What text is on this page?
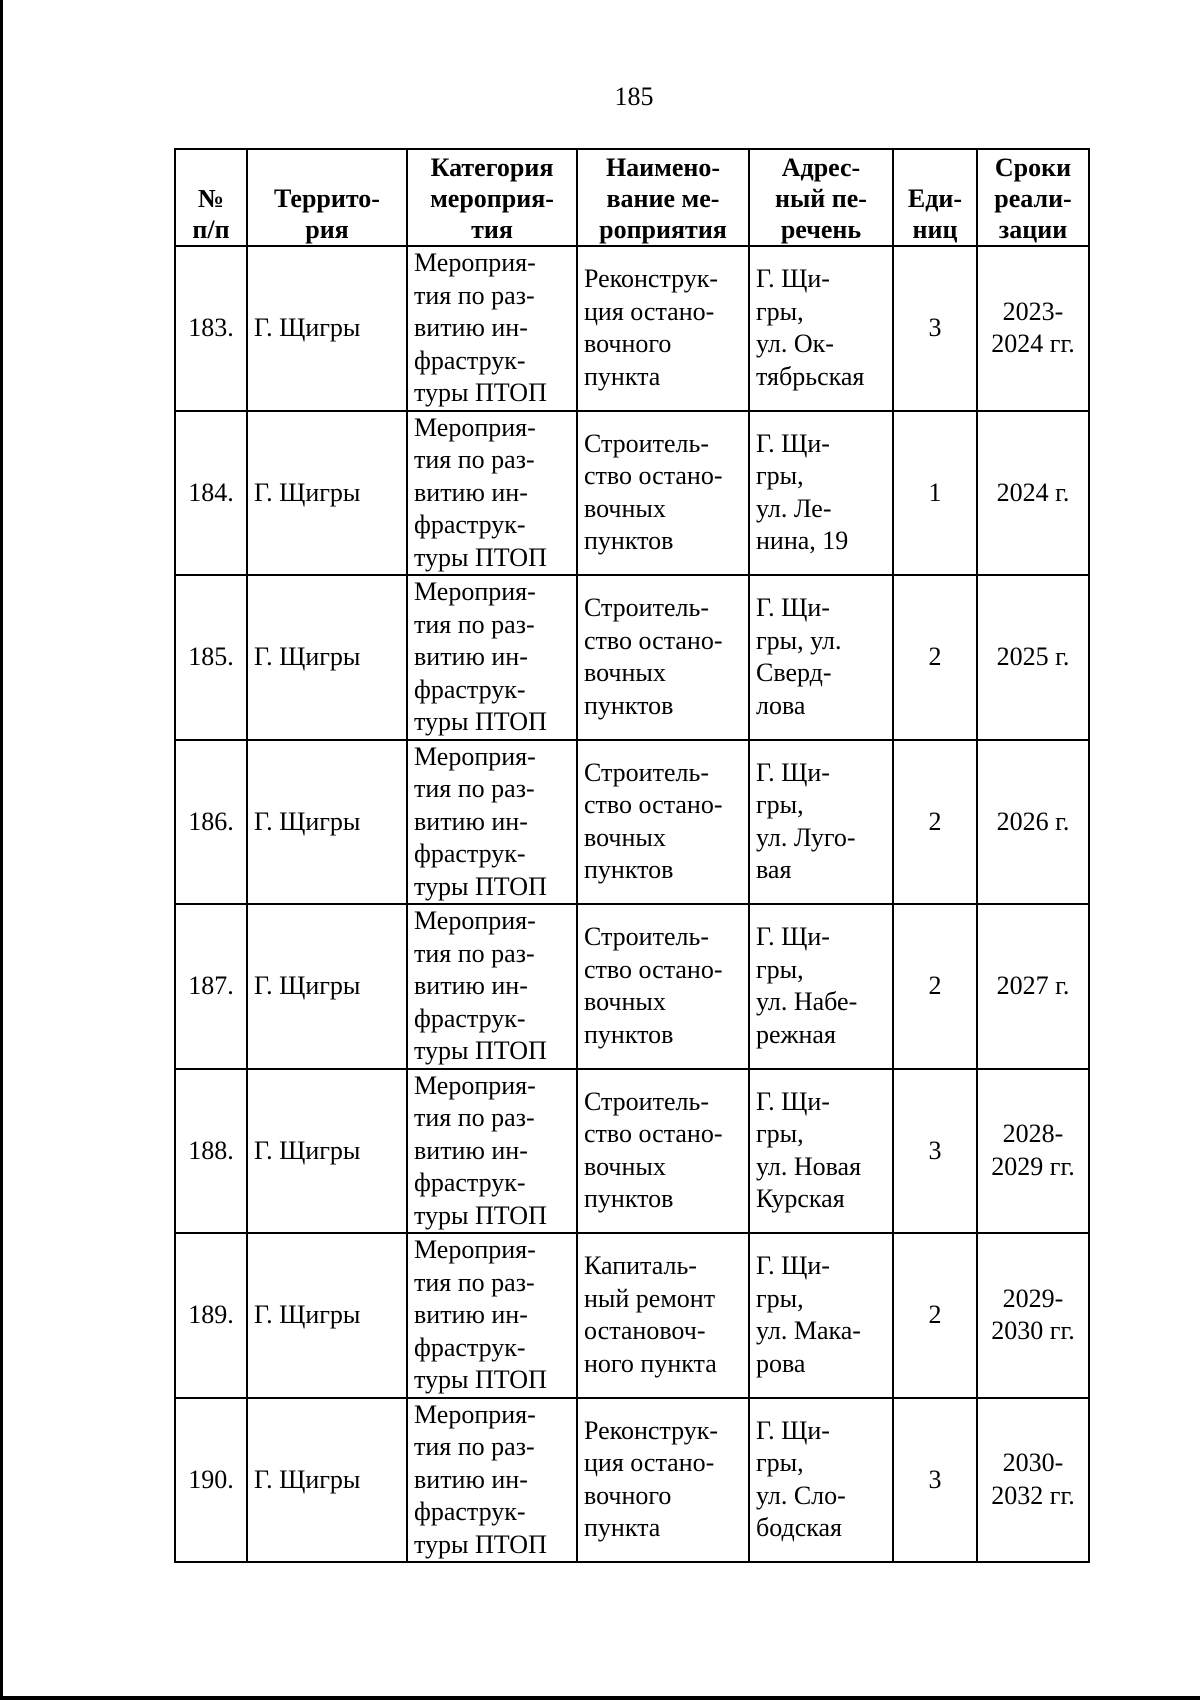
185
№
п/п	Террито-
рия	Категория
мероприя-
тия	Наимено-
вание ме-
роприятия	Адрес-
ный пе-
речень	Еди-
ниц	Сроки
реали-
зации

183.	Г. Щигры	Мероприя-
тия по раз-
витию ин-
фраструк-
туры ПТОП	Реконструк-
ция остано-
вочного
пункта	Г. Щи-
гры,
ул. Ок-
тябрьская	3	2023-
2024 гг.

184.	Г. Щигры	Мероприя-
тия по раз-
витию ин-
фраструк-
туры ПТОП	Строитель-
ство остано-
вочных
пунктов	Г. Щи-
гры,
ул. Ле-
нина, 19	1	2024 г.

185.	Г. Щигры	Мероприя-
тия по раз-
витию ин-
фраструк-
туры ПТОП	Строитель-
ство остано-
вочных
пунктов	Г. Щи-
гры, ул.
Сверд-
лова	2	2025 г.

186.	Г. Щигры	Мероприя-
тия по раз-
витию ин-
фраструк-
туры ПТОП	Строитель-
ство остано-
вочных
пунктов	Г. Щи-
гры,
ул. Луго-
вая	2	2026 г.

187.	Г. Щигры	Мероприя-
тия по раз-
витию ин-
фраструк-
туры ПТОП	Строитель-
ство остано-
вочных
пунктов	Г. Щи-
гры,
ул. Набе-
режная	2	2027 г.

188.	Г. Щигры	Мероприя-
тия по раз-
витию ин-
фраструк-
туры ПТОП	Строитель-
ство остано-
вочных
пунктов	Г. Щи-
гры,
ул. Новая
Курская	3	2028-
2029 гг.

189.	Г. Щигры	Мероприя-
тия по раз-
витию ин-
фраструк-
туры ПТОП	Капиталь-
ный ремонт
остановоч-
ного пункта	Г. Щи-
гры,
ул. Мака-
рова	2	2029-
2030 гг.

190.	Г. Щигры	Мероприя-
тия по раз-
витию ин-
фраструк-
туры ПТОП	Реконструк-
ция остано-
вочного
пункта	Г. Щи-
гры,
ул. Сло-
бодская	3	2030-
2032 гг.
